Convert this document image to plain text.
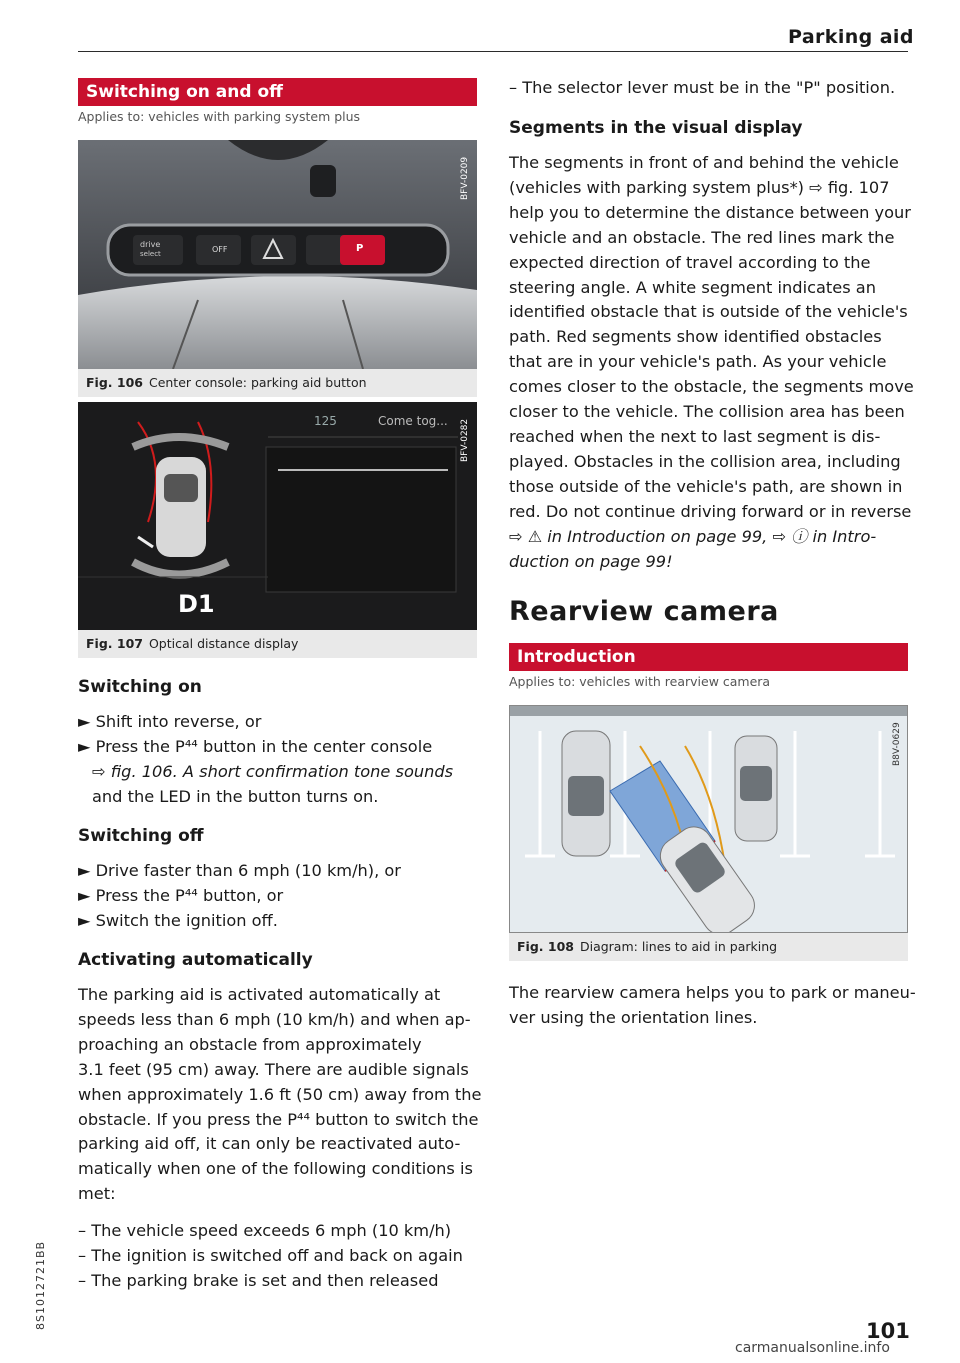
Parking aid
Switching on and off
Applies to: vehicles with parking system plus
drive
select	OFF	P
BFV-0209
Fig. 106 Center console: parking aid button
125	Come tog...
D1
BFV-0282
Fig. 107 Optical distance display
Switching on
► Shift into reverse, or
► Press the P⁴⁴ button in the center console
⇨ fig. 106. A short confirmation tone sounds
and the LED in the button turns on.
Switching off
► Drive faster than 6 mph (10 km/h), or
► Press the P⁴⁴ button, or
► Switch the ignition off.
Activating automatically
The parking aid is activated automatically at
speeds less than 6 mph (10 km/h) and when ap-
proaching an obstacle from approximately
3.1 feet (95 cm) away. There are audible signals
when approximately 1.6 ft (50 cm) away from the
obstacle. If you press the P⁴⁴ button to switch the
parking aid off, it can only be reactivated auto-
matically when one of the following conditions is
met:
– The vehicle speed exceeds 6 mph (10 km/h)
– The ignition is switched off and back on again
– The parking brake is set and then released
– The selector lever must be in the "P" position.
Segments in the visual display
The segments in front of and behind the vehicle
(vehicles with parking system plus*) ⇨ fig. 107
help you to determine the distance between your
vehicle and an obstacle. The red lines mark the
expected direction of travel according to the
steering angle. A white segment indicates an
identified obstacle that is outside of the vehicle's
path. Red segments show identified obstacles
that are in your vehicle's path. As your vehicle
comes closer to the obstacle, the segments move
closer to the vehicle. The collision area has been
reached when the next to last segment is dis-
played. Obstacles in the collision area, including
those outside of the vehicle's path, are shown in
red. Do not continue driving forward or in reverse
⇨ ⚠ in Introduction on page 99, ⇨ ⓘ in Intro-
duction on page 99!
Rearview camera
Introduction
Applies to: vehicles with rearview camera
B8V-0629
Fig. 108 Diagram: lines to aid in parking
The rearview camera helps you to park or maneu-
ver using the orientation lines.
101
8S1012721BB
carmanualsonline.info
